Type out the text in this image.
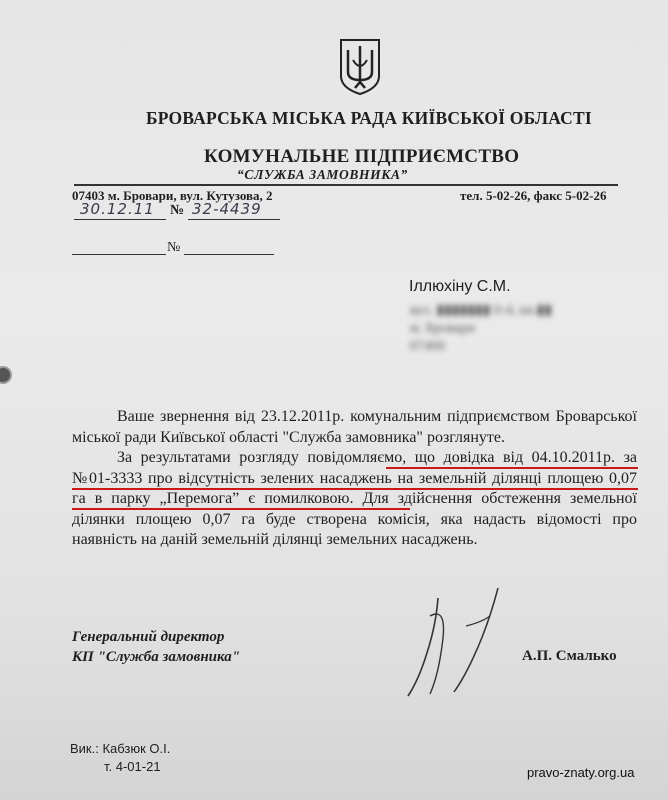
БРОВАРСЬКА МІСЬКА РАДА КИЇВСЬКОЇ ОБЛАСТІ
КОМУНАЛЬНЕ ПІДПРИЄМСТВО
“СЛУЖБА ЗАМОВНИКА”
07403 м. Бровари, вул. Кутузова, 2	тел. 5-02-26, факс 5-02-26
30.12.11 № 32-4439
№
Іллюхіну С.М.
вул. ▮▮▮▮▮▮▮ 0-4, кв.▮▮
м. Бровари
07400

Ваше звернення від 23.12.2011р. комунальним підприємством Броварської міської ради Київської області "Служба замовника" розглянуте.

За результатами розгляду повідомляємо, що довідка від 04.10.2011р. за №01-3333 про відсутність зелених насаджень на земельній ділянці площею 0,07 га в парку „Перемога” є помилковою. Для здійснення обстеження земельної ділянки площею 0,07 га буде створена комісія, яка надасть відомості про наявність на даній земельній ділянці земельних насаджень.

Генеральний директор
КП "Служба замовника"	А.П. Смалько
Вик.: Кабзюк О.І.
т. 4-01-21	pravo-znaty.org.ua
